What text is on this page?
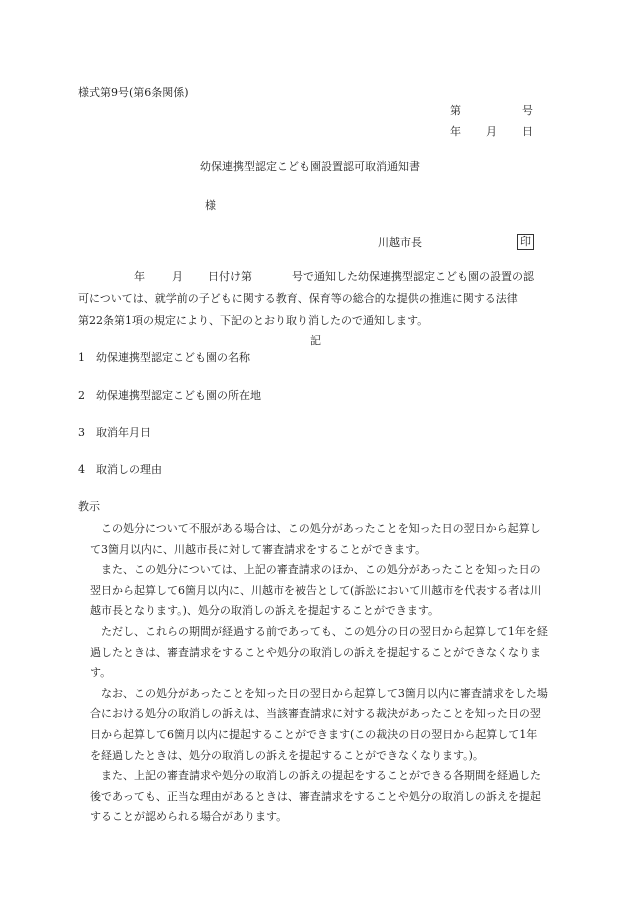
様式第9号(第6条関係)
第	号
年 月 日
幼保連携型認定こども園設置認可取消通知書
様
川越市長	印
年 月 日付け第	号で通知した幼保連携型認定こども園の設置の認
可については、就学前の子どもに関する教育、保育等の総合的な提供の推進に関する法律
第22条第1項の規定により、下記のとおり取り消したので通知します。
記
1　幼保連携型認定こども園の名称
2　幼保連携型認定こども園の所在地
3　取消年月日
4　取消しの理由
教示

この処分について不服がある場合は、この処分があったことを知った日の翌日から起算して3箇月以内に、川越市長に対して審査請求をすることができます。

また、この処分については、上記の審査請求のほか、この処分があったことを知った日の翌日から起算して6箇月以内に、川越市を被告として(訴訟において川越市を代表する者は川越市長となります。)、処分の取消しの訴えを提起することができます。

ただし、これらの期間が経過する前であっても、この処分の日の翌日から起算して1年を経過したときは、審査請求をすることや処分の取消しの訴えを提起することができなくなります。

なお、この処分があったことを知った日の翌日から起算して3箇月以内に審査請求をした場合における処分の取消しの訴えは、当該審査請求に対する裁決があったことを知った日の翌日から起算して6箇月以内に提起することができます(この裁決の日の翌日から起算して1年を経過したときは、処分の取消しの訴えを提起することができなくなります。)。

また、上記の審査請求や処分の取消しの訴えの提起をすることができる各期間を経過した後であっても、正当な理由があるときは、審査請求をすることや処分の取消しの訴えを提起することが認められる場合があります。
